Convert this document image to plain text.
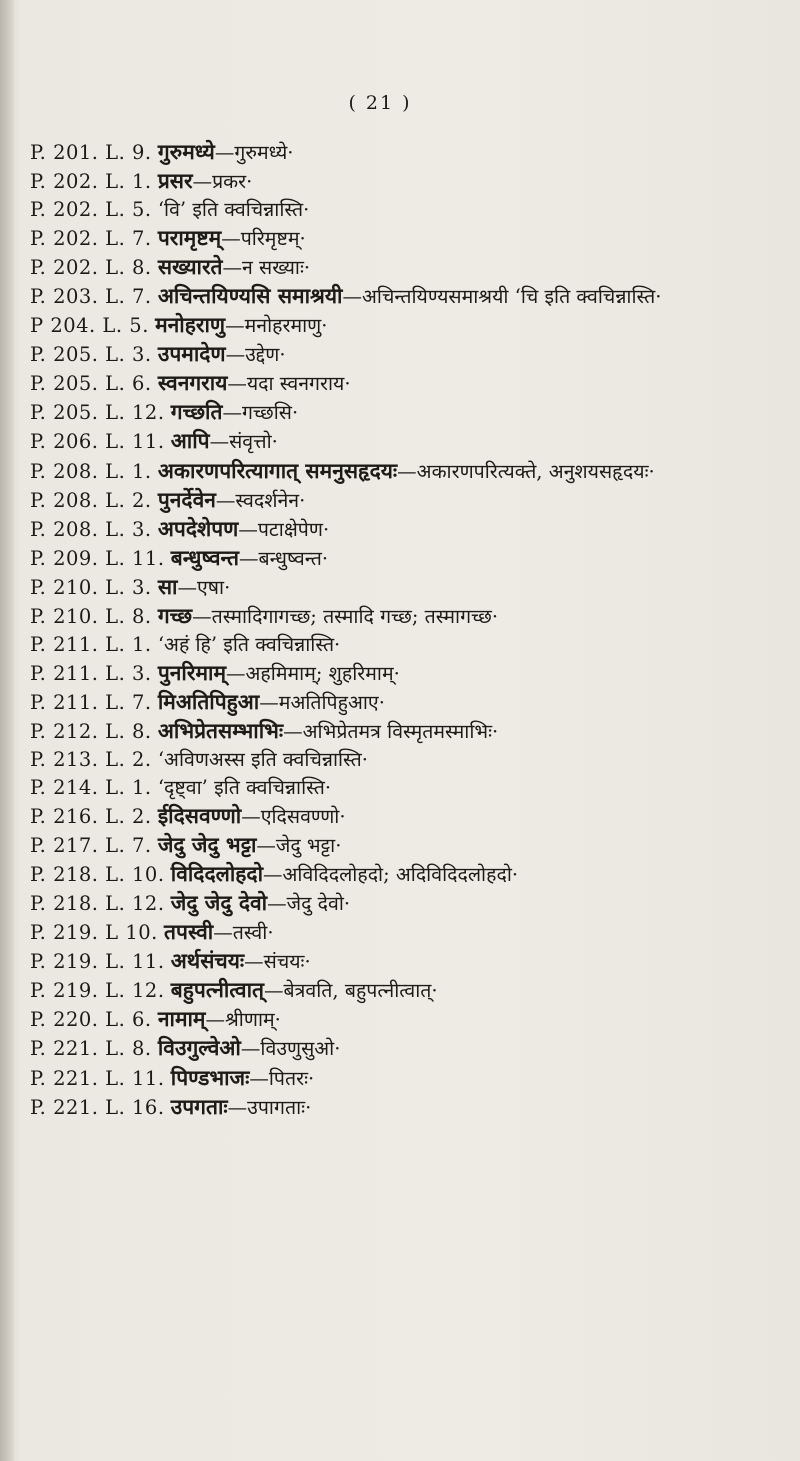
( 21 )
P. 201. L. 9. गुरुमध्ये—गुरुमध्ये·
P. 202. L. 1. प्रसर—प्रकर·
P. 202. L. 5. ‘वि’ इति क्वचिन्नास्ति·
P. 202. L. 7. परामृष्टम्—परिमृष्टम्·
P. 202. L. 8. सख्यारते—न सख्याः·
P. 203. L. 7. अचिन्तयिण्यसि समाश्रयी—अचिन्तयिण्यसमाश्रयी ‘चि इति क्वचिन्नास्ति·
P 204. L. 5. मनोहराणु—मनोहरमाणु·
P. 205. L. 3. उपमादेण—उद्देण·
P. 205. L. 6. स्वनगराय—यदा स्वनगराय·
P. 205. L. 12. गच्छति—गच्छसि·
P. 206. L. 11. आपि—संवृत्तो·
P. 208. L. 1. अकारणपरित्यागात् समनुसहृदयः—अकारणपरित्यक्ते, अनुशयसहृदयः·
P. 208. L. 2. पुनर्देवेन—स्वदर्शनेन·
P. 208. L. 3. अपदेशेपण—पटाक्षेपेण·
P. 209. L. 11. बन्धुष्वन्त—बन्धुष्वन्त·
P. 210. L. 3. सा—एषा·
P. 210. L. 8. गच्छ—तस्मादिगागच्छ; तस्मादि गच्छ; तस्मागच्छ·
P. 211. L. 1. ‘अहं हि’ इति क्वचिन्नास्ति·
P. 211. L. 3. पुनरिमाम्—अहमिमाम्; शुहरिमाम्·
P. 211. L. 7. मिअतिपिहुआ—मअतिपिहुआए·
P. 212. L. 8. अभिप्रेतसम्भाभिः—अभिप्रेतमत्र विस्मृतमस्माभिः·
P. 213. L. 2. ‘अविणअस्स इति क्वचिन्नास्ति·
P. 214. L. 1. ‘दृष्ट्वा’ इति क्वचिन्नास्ति·
P. 216. L. 2. ईदिसवण्णो—एदिसवण्णो·
P. 217. L. 7. जेदु जेदु भट्टा—जेदु भट्टा·
P. 218. L. 10. विदिदलोहदो—अविदिदलोहदो; अदिविदिदलोहदो·
P. 218. L. 12. जेदु जेदु देवो—जेदु देवो·
P. 219. L 10. तपस्वी—तस्वी·
P. 219. L. 11. अर्थसंचयः—संचयः·
P. 219. L. 12. बहुपत्नीत्वात्—बेत्रवति, बहुपत्नीत्वात्·
P. 220. L. 6. नामाम्—श्रीणाम्·
P. 221. L. 8. विउगुल्वेओ—विउणुसुओ·
P. 221. L. 11. पिण्डभाजः—पितरः·
P. 221. L. 16. उपगताः—उपागताः·
